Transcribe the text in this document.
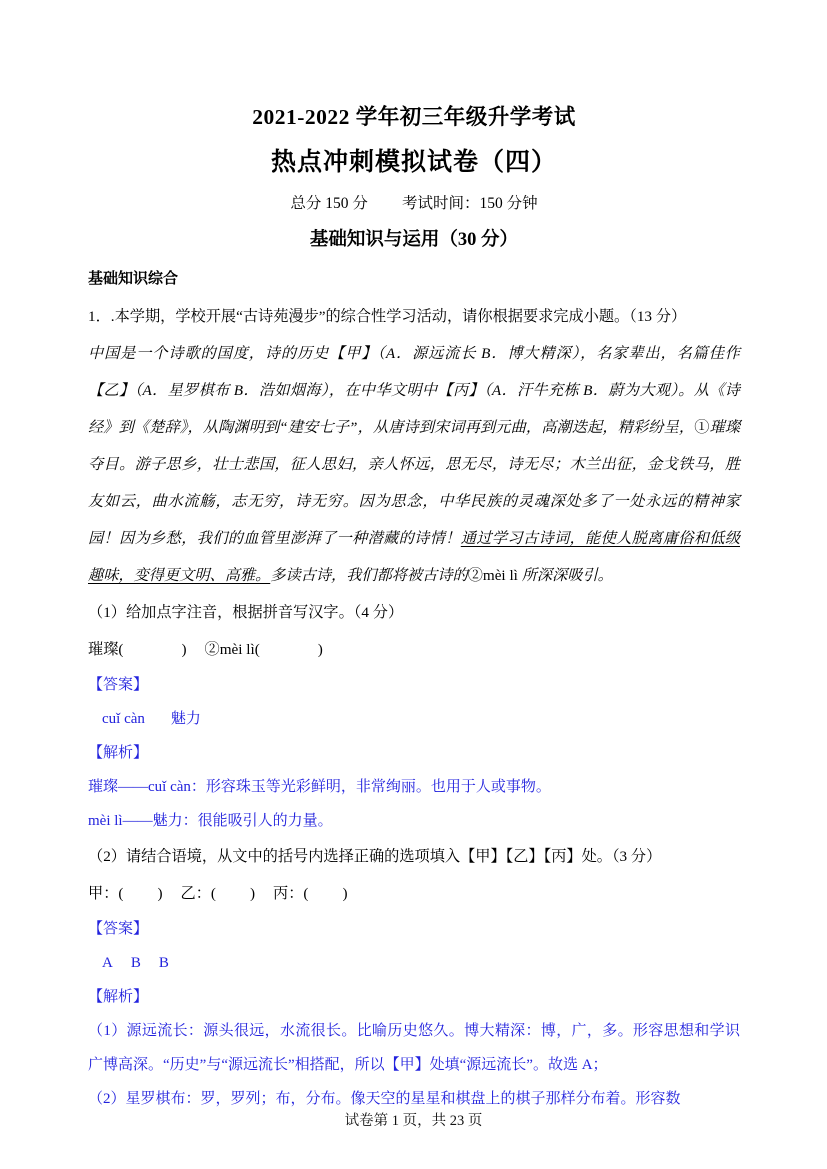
2021-2022 学年初三年级升学考试
热点冲刺模拟试卷（四）

总分 150 分 考试时间：150 分钟

基础知识与运用（30 分）

基础知识综合

1．.本学期，学校开展“古诗苑漫步”的综合性学习活动，请你根据要求完成小题。（13 分）

中国是一个诗歌的国度，诗的历史【甲】（A．源远流长 B．博大精深），名家辈出，名篇佳作【乙】（A．星罗棋布 B．浩如烟海），在中华文明中【丙】（A．汗牛充栋 B．蔚为大观）。从《诗经》到《楚辞》，从陶渊明到“建安七子”，从唐诗到宋词再到元曲，高潮迭起，精彩纷呈，①璀璨夺目。游子思乡，壮士悲国，征人思妇，亲人怀远，思无尽，诗无尽；木兰出征，金戈铁马，胜友如云，曲水流觞，志无穷，诗无穷。因为思念，中华民族的灵魂深处多了一处永远的精神家园！因为乡愁，我们的血管里澎湃了一种潜藏的诗情！通过学习古诗词，能使人脱离庸俗和低级趣味，变得更文明、高雅。多读古诗，我们都将被古诗的②mèi lì 所深深吸引。

（1）给加点字注音，根据拼音写汉字。（4 分）

璀璨(	) ②mèi lì(	)

【答案】

cuǐ càn 魅力

【解析】

璀璨——cuǐ càn：形容珠玉等光彩鲜明，非常绚丽。也用于人或事物。

mèi lì——魅力：很能吸引人的力量。

（2）请结合语境，从文中的括号内选择正确的选项填入【甲】【乙】【丙】处。（3 分）

甲：( ) 乙：( ) 丙：( )

【答案】

A B B

【解析】

（1）源远流长：源头很远，水流很长。比喻历史悠久。博大精深：博，广，多。形容思想和学识广博高深。“历史”与“源远流长”相搭配，所以【甲】处填“源远流长”。故选 A；

（2）星罗棋布：罗，罗列；布，分布。像天空的星星和棋盘上的棋子那样分布着。形容数

试卷第 1 页，共 23 页
